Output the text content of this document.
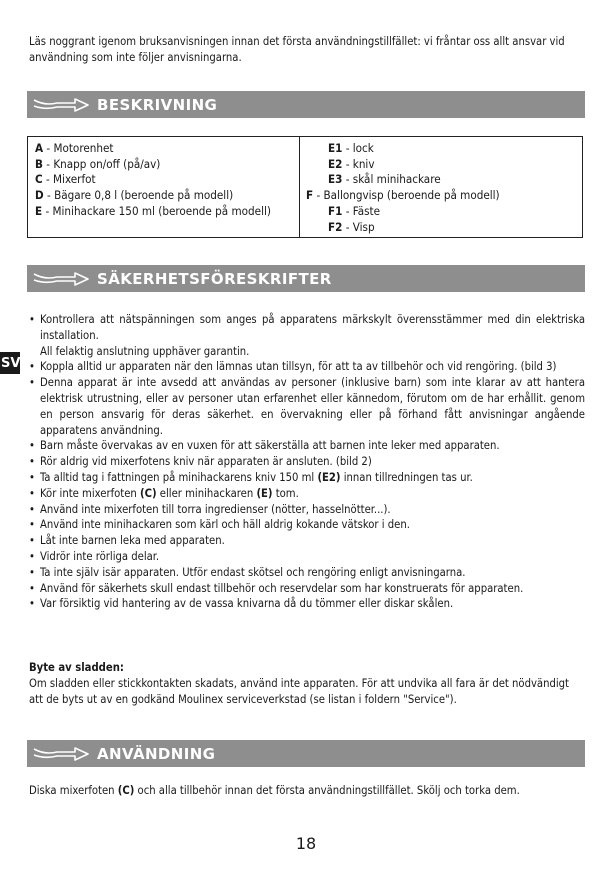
Läs noggrant igenom bruksanvisningen innan det första användningstillfället: vi fråntar oss allt ansvar vid användning som inte följer anvisningarna.
BESKRIVNING
A - Motorenhet
B - Knapp on/off (på/av)
C - Mixerfot
D - Bägare 0,8 l (beroende på modell)
E - Minihackare 150 ml (beroende på modell)
E1 - lock
E2 - kniv
E3 - skål minihackare
F - Ballongvisp (beroende på modell)
F1 - Fäste
F2 - Visp
SÄKERHETSFÖRESKRIFTER
SV
• Kontrollera att nätspänningen som anges på apparatens märkskylt överensstämmer med din elektriska installation.
All felaktig anslutning upphäver garantin.
• Koppla alltid ur apparaten när den lämnas utan tillsyn, för att ta av tillbehör och vid rengöring. (bild 3)
• Denna apparat är inte avsedd att användas av personer (inklusive barn) som inte klarar av att hantera elektrisk utrustning, eller av personer utan erfarenhet eller kännedom, förutom om de har erhållit. genom en person ansvarig för deras säkerhet. en övervakning eller på förhand fått anvisningar angående apparatens användning.
• Barn måste övervakas av en vuxen för att säkerställa att barnen inte leker med apparaten.
• Rör aldrig vid mixerfotens kniv när apparaten är ansluten. (bild 2)
• Ta alltid tag i fattningen på minihackarens kniv 150 ml (E2) innan tillredningen tas ur.
• Kör inte mixerfoten (C) eller minihackaren (E) tom.
• Använd inte mixerfoten till torra ingredienser (nötter, hasselnötter...).
• Använd inte minihackaren som kärl och häll aldrig kokande vätskor i den.
• Låt inte barnen leka med apparaten.
• Vidrör inte rörliga delar.
• Ta inte själv isär apparaten. Utför endast skötsel och rengöring enligt anvisningarna.
• Använd för säkerhets skull endast tillbehör och reservdelar som har konstruerats för apparaten.
• Var försiktig vid hantering av de vassa knivarna då du tömmer eller diskar skålen.
Byte av sladden:
Om sladden eller stickkontakten skadats, använd inte apparaten. För att undvika all fara är det nödvändigt att de byts ut av en godkänd Moulinex serviceverkstad (se listan i foldern "Service").
ANVÄNDNING
Diska mixerfoten (C) och alla tillbehör innan det första användningstillfället. Skölj och torka dem.
18
